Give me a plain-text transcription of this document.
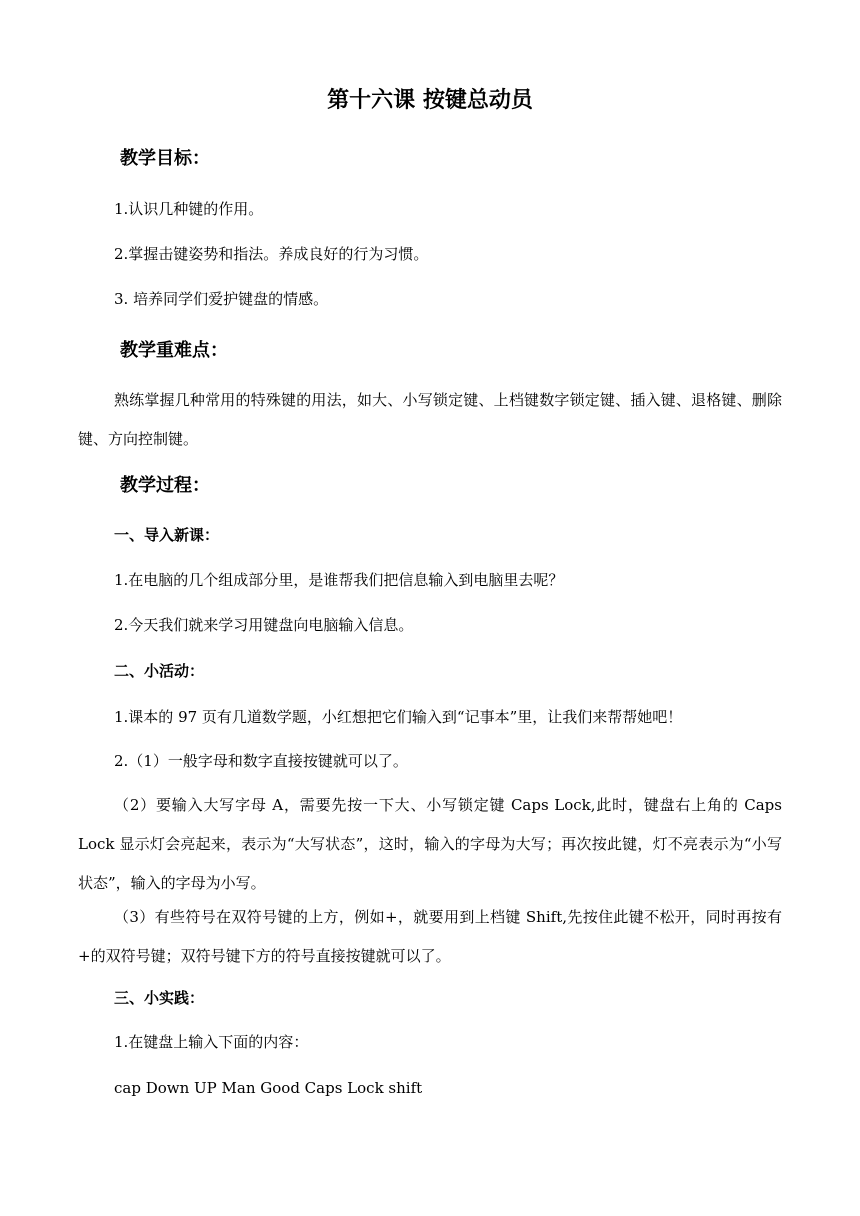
第十六课 按键总动员
教学目标：
1.认识几种键的作用。
2.掌握击键姿势和指法。养成良好的行为习惯。
3. 培养同学们爱护键盘的情感。
教学重难点：
熟练掌握几种常用的特殊键的用法，如大、小写锁定键、上档键数字锁定键、插入键、退格键、删除键、方向控制键。
教学过程：
一、导入新课：
1.在电脑的几个组成部分里，是谁帮我们把信息输入到电脑里去呢？
2.今天我们就来学习用键盘向电脑输入信息。
二、小活动：
1.课本的 97 页有几道数学题，小红想把它们输入到“记事本”里，让我们来帮帮她吧！
2.（1）一般字母和数字直接按键就可以了。
（2）要输入大写字母 A，需要先按一下大、小写锁定键 Caps Lock,此时，键盘右上角的 Caps Lock 显示灯会亮起来，表示为“大写状态”，这时，输入的字母为大写；再次按此键，灯不亮表示为“小写状态”，输入的字母为小写。
（3）有些符号在双符号键的上方，例如+，就要用到上档键 Shift,先按住此键不松开，同时再按有+的双符号键；双符号键下方的符号直接按键就可以了。
三、小实践：
1.在键盘上输入下面的内容：
cap Down UP Man Good Caps Lock shift
